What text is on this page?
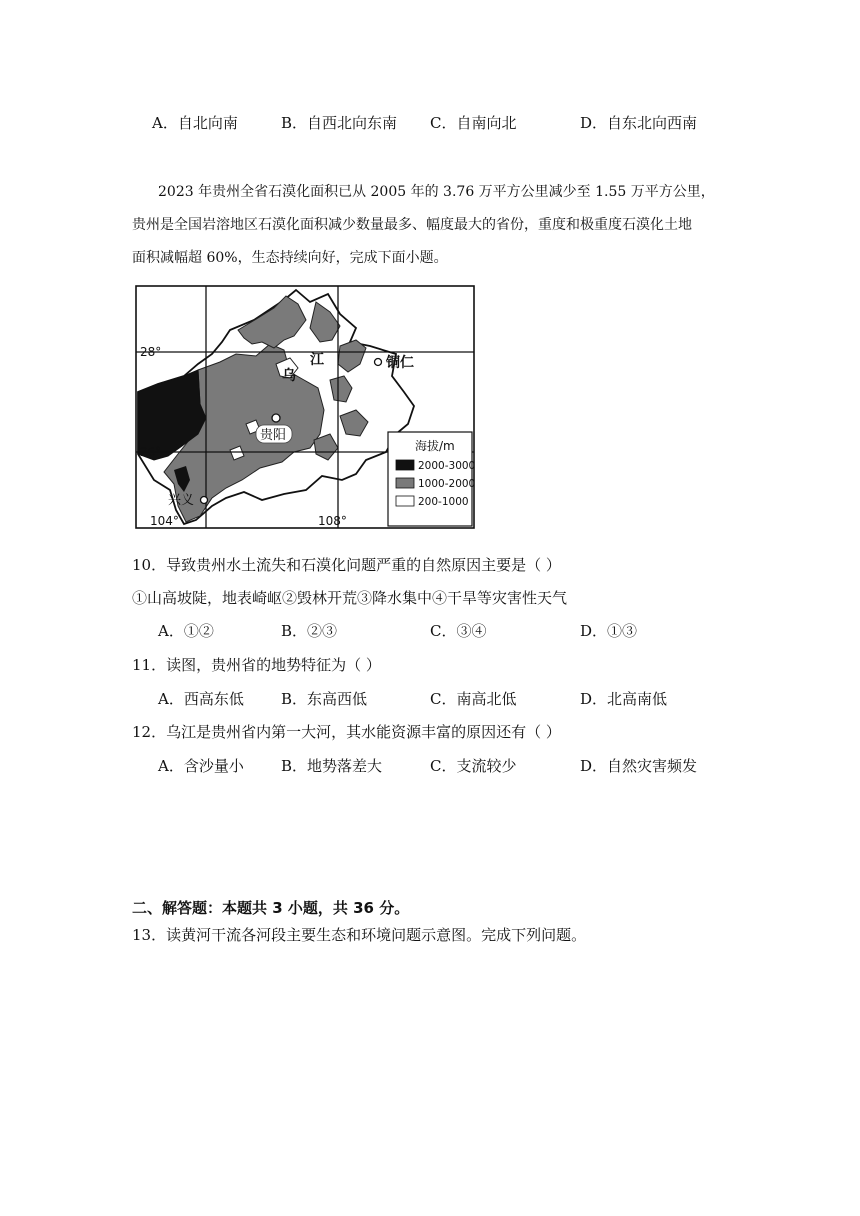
A．自北向南	B．自西北向东南 C．自南向北	D．自东北向西南
2023 年贵州全省石漠化面积已从 2005 年的 3.76 万平方公里减少至 1.55 万平方公里，
贵州是全国岩溶地区石漠化面积减少数量最多、幅度最大的省份，重度和极重度石漠化土地
面积减幅超 60%，生态持续向好，完成下面小题。
28°
26°
104°	108°
江
乌
铜仁
贵阳
兴义
海拔/m
2000-3000
1000-2000
200-1000
10．导致贵州水土流失和石漠化问题严重的自然原因主要是（ ）
①山高坡陡，地表崎岖②毁林开荒③降水集中④干旱等灾害性天气
A．①②	B．②③	C．③④	D．①③
11．读图，贵州省的地势特征为（ ）
A．西高东低 B．东高西低	C．南高北低	D．北高南低
12．乌江是贵州省内第一大河，其水能资源丰富的原因还有（ ）
A．含沙量小 B．地势落差大	C．支流较少	D．自然灾害频发
二、解答题：本题共 3 小题，共 36 分。
13．读黄河干流各河段主要生态和环境问题示意图。完成下列问题。
